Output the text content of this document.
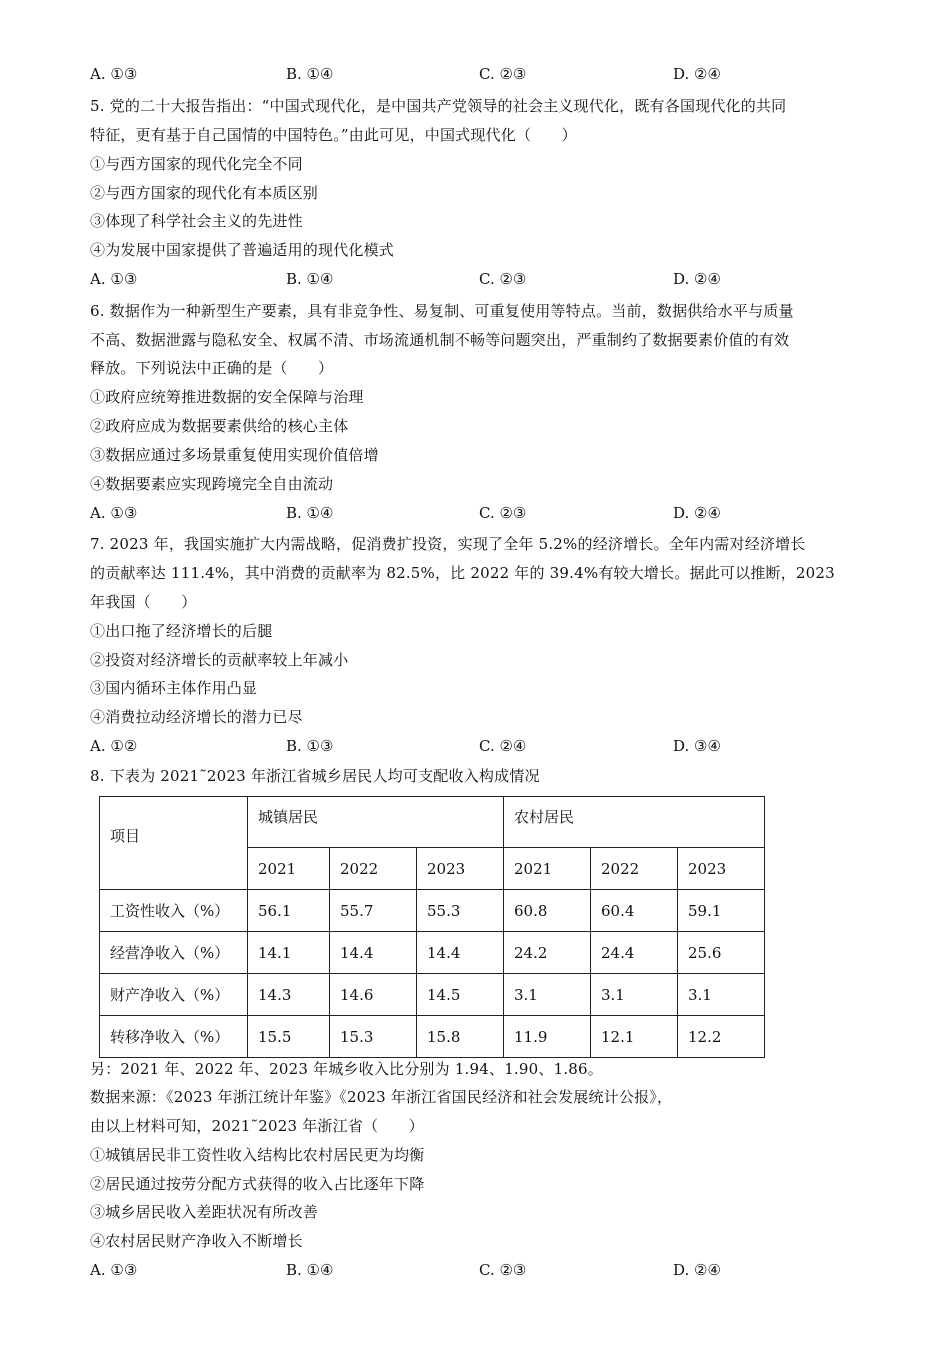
A. ①③	B. ①④	C. ②③	D. ②④
5. 党的二十大报告指出：“中国式现代化，是中国共产党领导的社会主义现代化，既有各国现代化的共同
特征，更有基于自己国情的中国特色。”由此可见，中国式现代化（　　）
①与西方国家的现代化完全不同
②与西方国家的现代化有本质区别
③体现了科学社会主义的先进性
④为发展中国家提供了普遍适用的现代化模式
A. ①③	B. ①④	C. ②③	D. ②④
6. 数据作为一种新型生产要素，具有非竞争性、易复制、可重复使用等特点。当前，数据供给水平与质量
不高、数据泄露与隐私安全、权属不清、市场流通机制不畅等问题突出，严重制约了数据要素价值的有效
释放。下列说法中正确的是（　　）
①政府应统筹推进数据的安全保障与治理
②政府应成为数据要素供给的核心主体
③数据应通过多场景重复使用实现价值倍增
④数据要素应实现跨境完全自由流动
A. ①③	B. ①④	C. ②③	D. ②④
7. 2023 年，我国实施扩大内需战略，促消费扩投资，实现了全年 5.2%的经济增长。全年内需对经济增长
的贡献率达 111.4%，其中消费的贡献率为 82.5%，比 2022 年的 39.4%有较大增长。据此可以推断，2023
年我国（　　）
①出口拖了经济增长的后腿
②投资对经济增长的贡献率较上年减小
③国内循环主体作用凸显
④消费拉动经济增长的潜力已尽
A. ①②	B. ①③	C. ②④	D. ③④
8. 下表为 2021˜2023 年浙江省城乡居民人均可支配收入构成情况
项目	城镇居民			农村居民		
	2021	2022	2023	2021	2022	2023
工资性收入（%）	56.1	55.7	55.3	60.8	60.4	59.1
经营净收入（%）	14.1	14.4	14.4	24.2	24.4	25.6
财产净收入（%）	14.3	14.6	14.5	3.1	3.1	3.1
转移净收入（%）	15.5	15.3	15.8	11.9	12.1	12.2
另：2021 年、2022 年、2023 年城乡收入比分别为 1.94、1.90、1.86。
数据来源：《2023 年浙江统计年鉴》《2023 年浙江省国民经济和社会发展统计公报》，
由以上材料可知，2021˜2023 年浙江省（　　）
①城镇居民非工资性收入结构比农村居民更为均衡
②居民通过按劳分配方式获得的收入占比逐年下降
③城乡居民收入差距状况有所改善
④农村居民财产净收入不断增长
A. ①③	B. ①④	C. ②③	D. ②④
